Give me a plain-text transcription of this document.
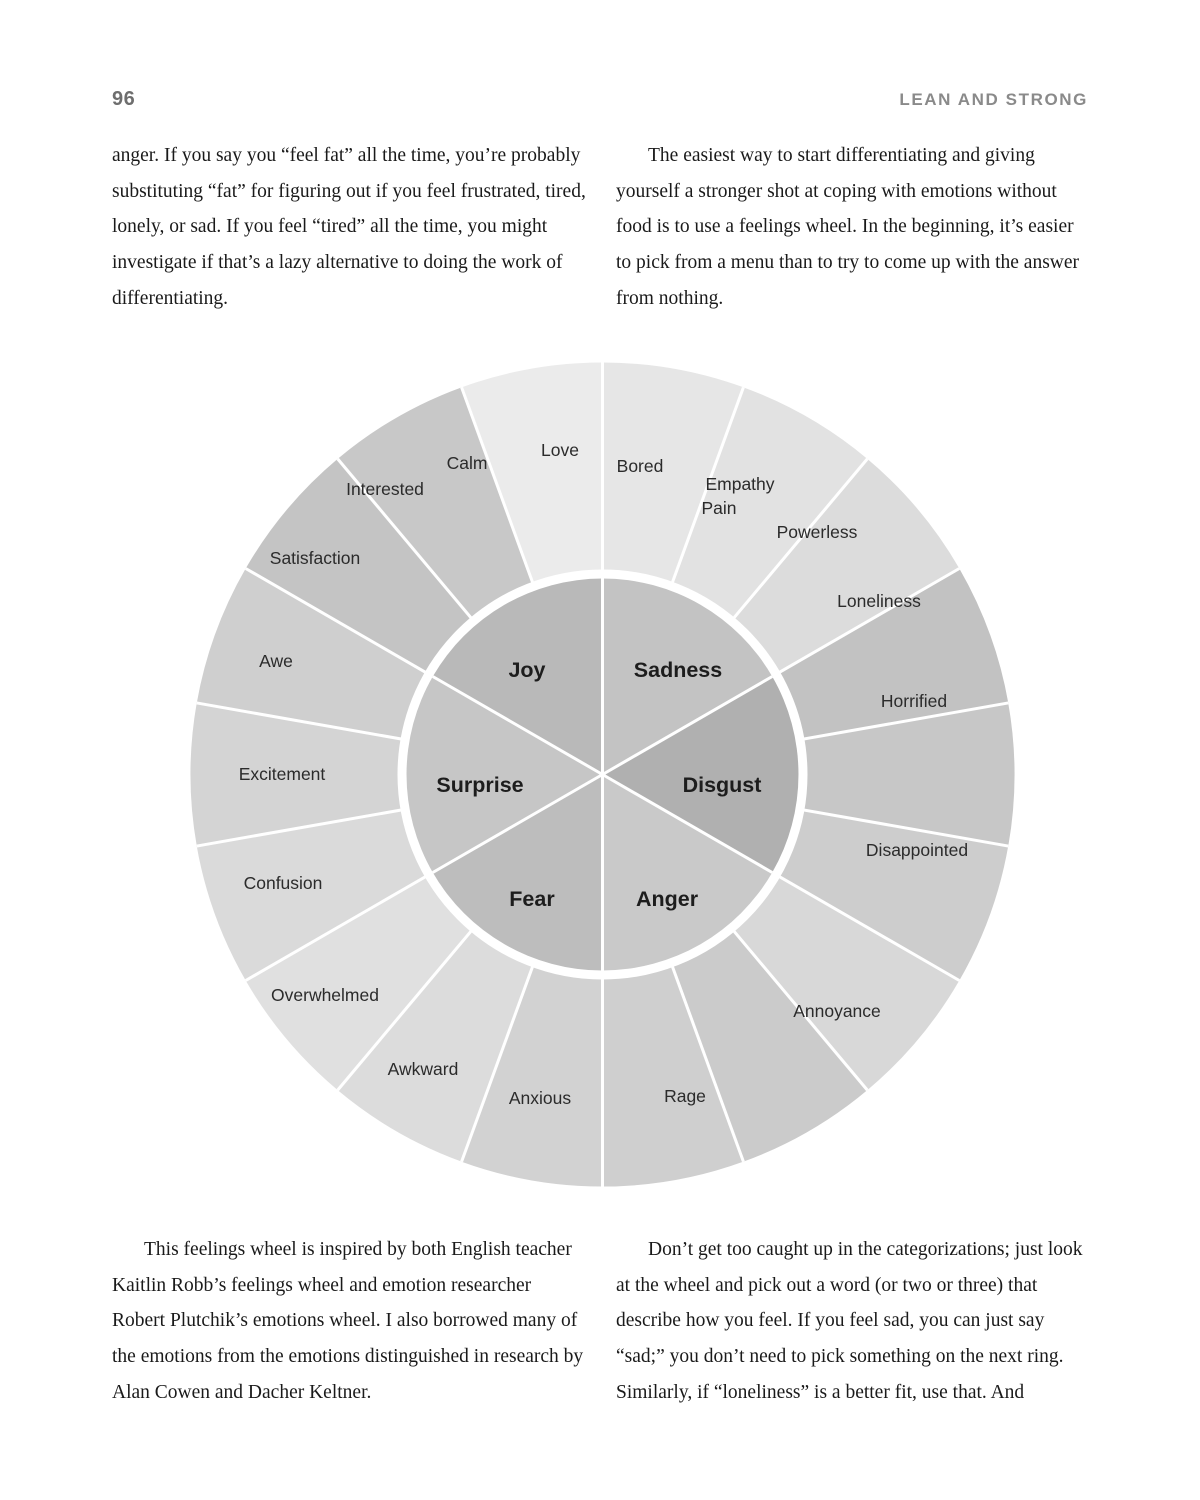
96	LEAN AND STRONG

anger. If you say you “feel fat” all the time, you’re probably substituting “fat” for figuring out if you feel frustrated, tired, lonely, or sad. If you feel “tired” all the time, you might investigate if that’s a lazy alternative to doing the work of differentiating.

The easiest way to start differentiating and giving yourself a stronger shot at coping with emotions without food is to use a feelings wheel. In the beginning, it’s easier to pick from a menu than to try to come up with the answer from nothing.

Joy	Sadness
Disgust
Anger
Fear
Surprise
Bored
Empathy
Pain
Powerless
Loneliness
Horrified
Disappointed
Annoyance
Rage
Anxious
Awkward
Overwhelmed
Confusion
Excitement
Awe
Satisfaction
Interested
Calm
Love

This feelings wheel is inspired by both English teacher Kaitlin Robb’s feelings wheel and emotion researcher Robert Plutchik’s emotions wheel. I also borrowed many of the emotions from the emotions distinguished in research by Alan Cowen and Dacher Keltner.

Don’t get too caught up in the categorizations; just look at the wheel and pick out a word (or two or three) that describe how you feel. If you feel sad, you can just say “sad;” you don’t need to pick something on the next ring. Similarly, if “loneliness” is a better fit, use that. And
